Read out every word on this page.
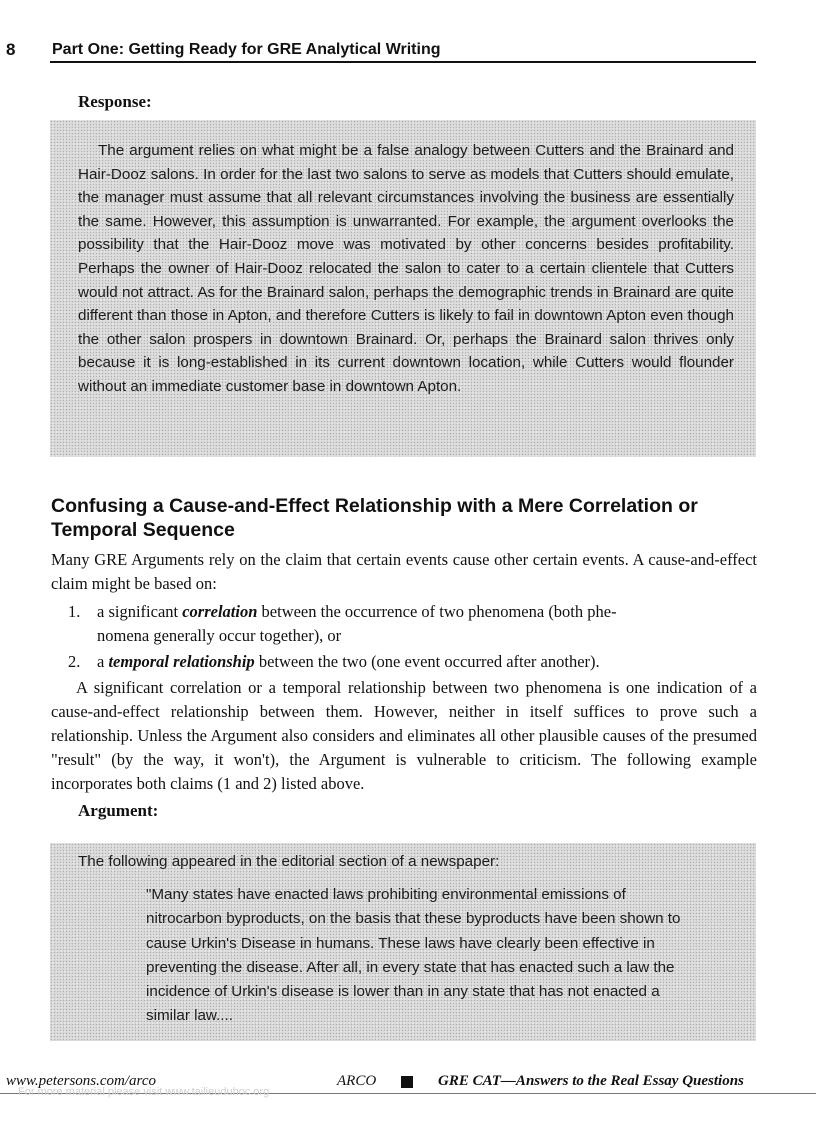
8 Part One: Getting Ready for GRE Analytical Writing
Response:

The argument relies on what might be a false analogy between Cutters and the Brainard and Hair-Dooz salons. In order for the last two salons to serve as models that Cutters should emulate, the manager must assume that all relevant circumstances involving the business are essentially the same. However, this assumption is unwarranted. For example, the argument overlooks the possibility that the Hair-Dooz move was motivated by other concerns besides profitability. Perhaps the owner of Hair-Dooz relocated the salon to cater to a certain clientele that Cutters would not attract. As for the Brainard salon, perhaps the demographic trends in Brainard are quite different than those in Apton, and therefore Cutters is likely to fail in downtown Apton even though the other salon prospers in downtown Brainard. Or, perhaps the Brainard salon thrives only because it is long-established in its current downtown location, while Cutters would flounder without an immediate customer base in downtown Apton.

Confusing a Cause-and-Effect Relationship with a Mere Correlation or Temporal Sequence

Many GRE Arguments rely on the claim that certain events cause other certain events. A cause-and-effect claim might be based on:

1. a significant correlation between the occurrence of two phenomena (both phe-
nomena generally occur together), or

2. a temporal relationship between the two (one event occurred after another).

A significant correlation or a temporal relationship between two phenomena is one indication of a cause-and-effect relationship between them. However, neither in itself suffices to prove such a relationship. Unless the Argument also considers and eliminates all other plausible causes of the presumed "result" (by the way, it won't), the Argument is vulnerable to criticism. The following example incorporates both claims (1 and 2) listed above.

Argument:

The following appeared in the editorial section of a newspaper:

"Many states have enacted laws prohibiting environmental emissions of nitrocarbon byproducts, on the basis that these byproducts have been shown to cause Urkin's Disease in humans. These laws have clearly been effective in preventing the disease. After all, in every state that has enacted such a law the incidence of Urkin's disease is lower than in any state that has not enacted a similar law....

www.petersons.com/arco	ARCO	GRE CAT—Answers to the Real Essay Questions
For more material please visit www.tailieuduhoc.org
